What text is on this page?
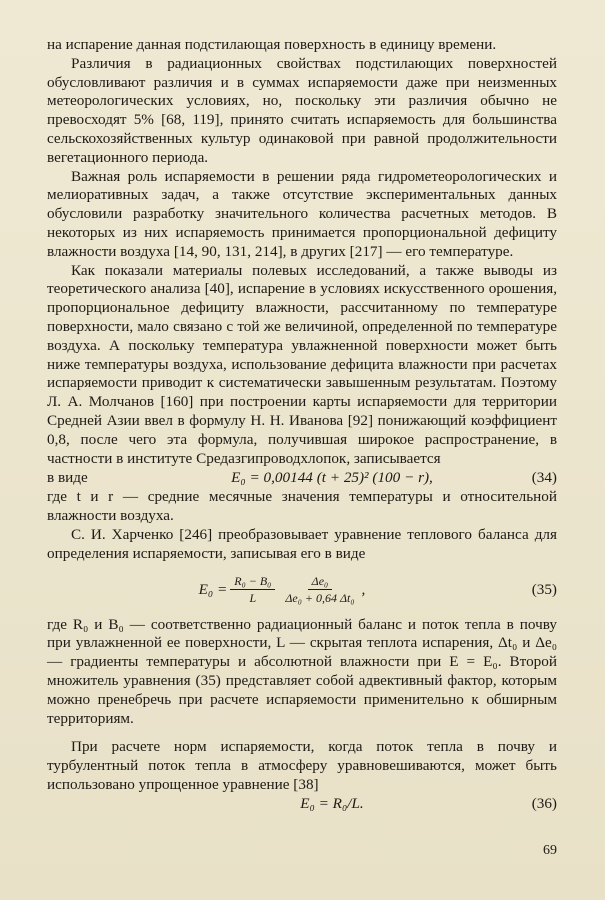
на испарение данная подстилающая поверхность в единицу времени.

Различия в радиационных свойствах подстилающих поверхностей обусловливают различия и в суммах испаряемости даже при неизменных метеорологических условиях, но, поскольку эти различия обычно не превосходят 5% [68, 119], принято считать испаряемость для большинства сельскохозяйственных культур одинаковой при равной продолжительности вегетационного периода.

Важная роль испаряемости в решении ряда гидрометеорологических и мелиоративных задач, а также отсутствие экспериментальных данных обусловили разработку значительного количества расчетных методов. В некоторых из них испаряемость принимается пропорциональной дефициту влажности воздуха [14, 90, 131, 214], в других [217] — его температуре.

Как показали материалы полевых исследований, а также выводы из теоретического анализа [40], испарение в условиях искусственного орошения, пропорциональное дефициту влажности, рассчитанному по температуре поверхности, мало связано с той же величиной, определенной по температуре воздуха. А поскольку температура увлажненной поверхности может быть ниже температуры воздуха, использование дефицита влажности при расчетах испаряемости приводит к систематически завышенным результатам. Поэтому Л. А. Молчанов [160] при построении карты испаряемости для территории Средней Азии ввел в формулу Н. Н. Иванова [92] понижающий коэффициент 0,8, после чего эта формула, получившая широкое распространение, в частности в институте Средазгипроводхлопок, записывается

в виде	E₀ = 0,00144 (t + 25)² (100 − r),	(34)

где t и r — средние месячные значения температуры и относительной влажности воздуха.

С. И. Харченко [246] преобразовывает уравнение теплового баланса для определения испаряемости, записывая его в виде

$E_0 = \frac{\text{R₀ − B₀}}{L} \frac{\text{Δe₀}}{\text{Δe₀ + 0,64 Δt₀}}$ ,	(35)

где R₀ и B₀ — соответственно радиационный баланс и поток тепла в почву при увлажненной ее поверхности, L — скрытая теплота испарения, Δt₀ и Δe₀ — градиенты температуры и абсолютной влажности при E = E₀. Второй множитель уравнения (35) представляет собой адвективный фактор, которым можно пренебречь при расчете испаряемости применительно к обширным территориям.

При расчете норм испаряемости, когда поток тепла в почву и турбулентный поток тепла в атмосферу уравновешиваются, может быть использовано упрощенное уравнение [38]

E₀ = R₀/L.	(36)
69
